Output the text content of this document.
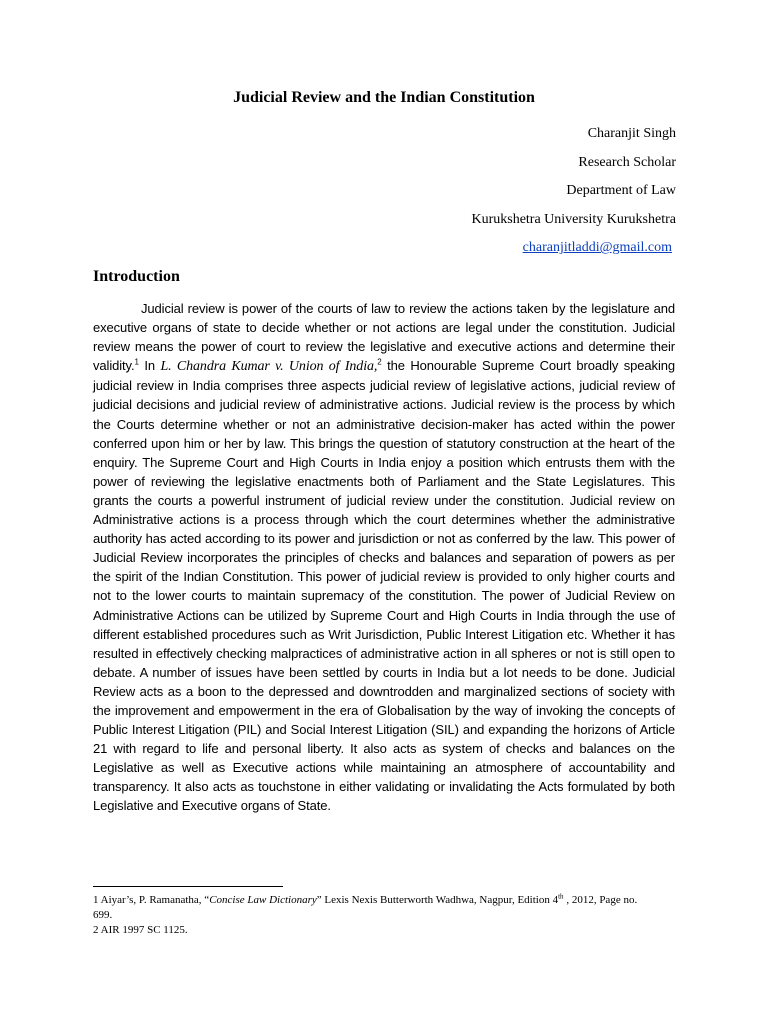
Judicial Review and the Indian Constitution
Charanjit Singh
Research Scholar
Department of Law
Kurukshetra University Kurukshetra
charanjitladdi@gmail.com
Introduction

Judicial review is power of the courts of law to review the actions taken by the legislature and executive organs of state to decide whether or not actions are legal under the constitution. Judicial review means the power of court to review the legislative and executive actions and determine their validity.$^1$ In L. Chandra Kumar v. Union of India,$^2$ the Honourable Supreme Court broadly speaking judicial review in India comprises three aspects judicial review of legislative actions, judicial review of judicial decisions and judicial review of administrative actions. Judicial review is the process by which the Courts determine whether or not an administrative decision-maker has acted within the power conferred upon him or her by law. This brings the question of statutory construction at the heart of the enquiry. The Supreme Court and High Courts in India enjoy a position which entrusts them with the power of reviewing the legislative enactments both of Parliament and the State Legislatures. This grants the courts a powerful instrument of judicial review under the constitution. Judicial review on Administrative actions is a process through which the court determines whether the administrative authority has acted according to its power and jurisdiction or not as conferred by the law. This power of Judicial Review incorporates the principles of checks and balances and separation of powers as per the spirit of the Indian Constitution. This power of judicial review is provided to only higher courts and not to the lower courts to maintain supremacy of the constitution. The power of Judicial Review on Administrative Actions can be utilized by Supreme Court and High Courts in India through the use of different established procedures such as Writ Jurisdiction, Public Interest Litigation etc. Whether it has resulted in effectively checking malpractices of administrative action in all spheres or not is still open to debate. A number of issues have been settled by courts in India but a lot needs to be done. Judicial Review acts as a boon to the depressed and downtrodden and marginalized sections of society with the improvement and empowerment in the era of Globalisation by the way of invoking the concepts of Public Interest Litigation (PIL) and Social Interest Litigation (SIL) and expanding the horizons of Article 21 with regard to life and personal liberty. It also acts as system of checks and balances on the Legislative as well as Executive actions while maintaining an atmosphere of accountability and transparency. It also acts as touchstone in either validating or invalidating the Acts formulated by both Legislative and Executive organs of State.

1 Aiyar’s, P. Ramanatha, “Concise Law Dictionary” Lexis Nexis Butterworth Wadhwa, Nagpur, Edition 4th , 2012, Page no. 699.
2 AIR 1997 SC 1125.
